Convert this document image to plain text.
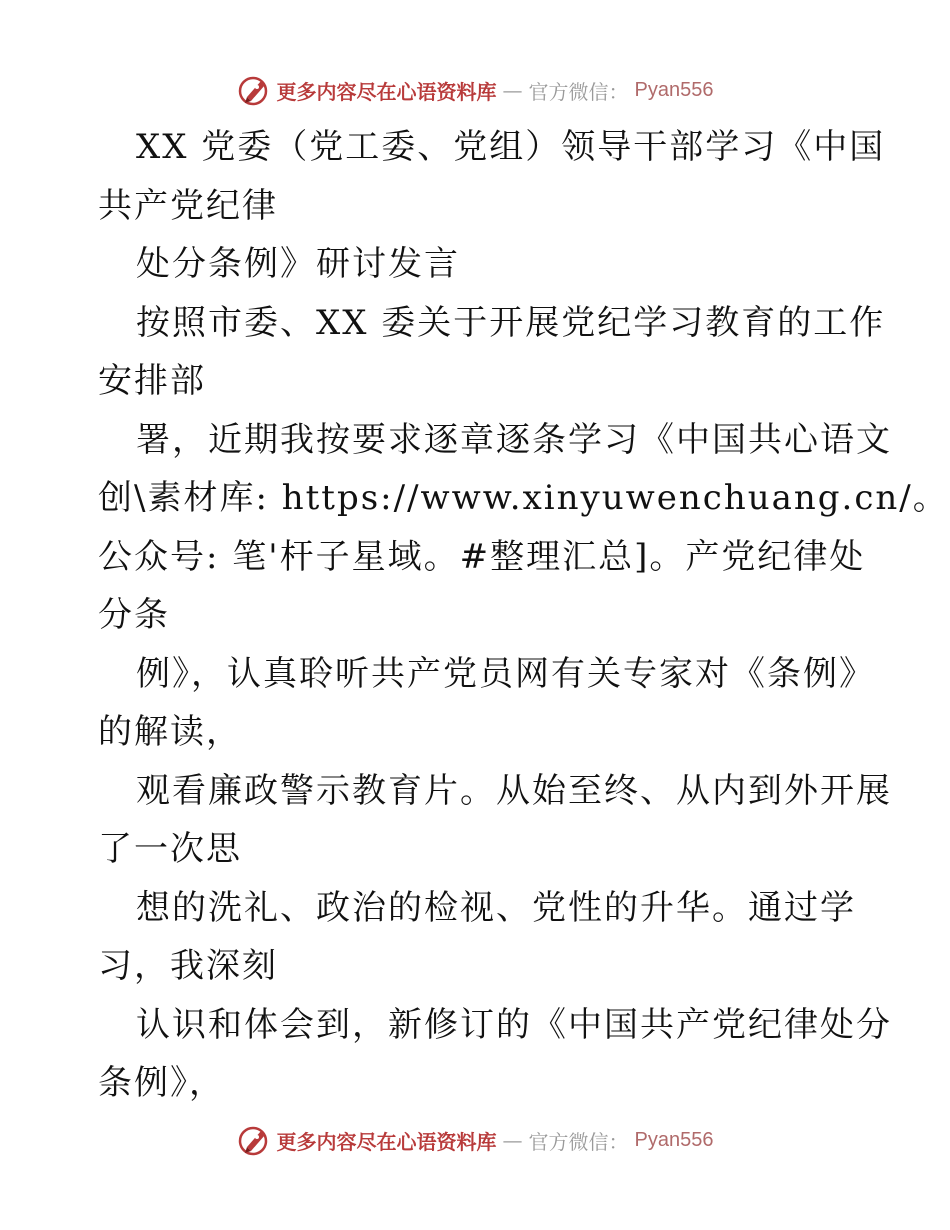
更多内容尽在心语资料库 — 官方微信： Pyan556
XX 党委（党工委、党组）领导干部学习《中国
共产党纪律
处分条例》研讨发言
按照市委、XX 委关于开展党纪学习教育的工作
安排部
署，近期我按要求逐章逐条学习《中国共心语文
创\素材库: https://www.xinyuwenchuang.cn/。
公众号: 笔'杆子星域。#整理汇总]。产党纪律处
分条
例》，认真聆听共产党员网有关专家对《条例》
的解读，
观看廉政警示教育片。从始至终、从内到外开展
了一次思
想的洗礼、政治的检视、党性的升华。通过学
习，我深刻
认识和体会到，新修订的《中国共产党纪律处分
条例》，
更多内容尽在心语资料库 — 官方微信： Pyan556
